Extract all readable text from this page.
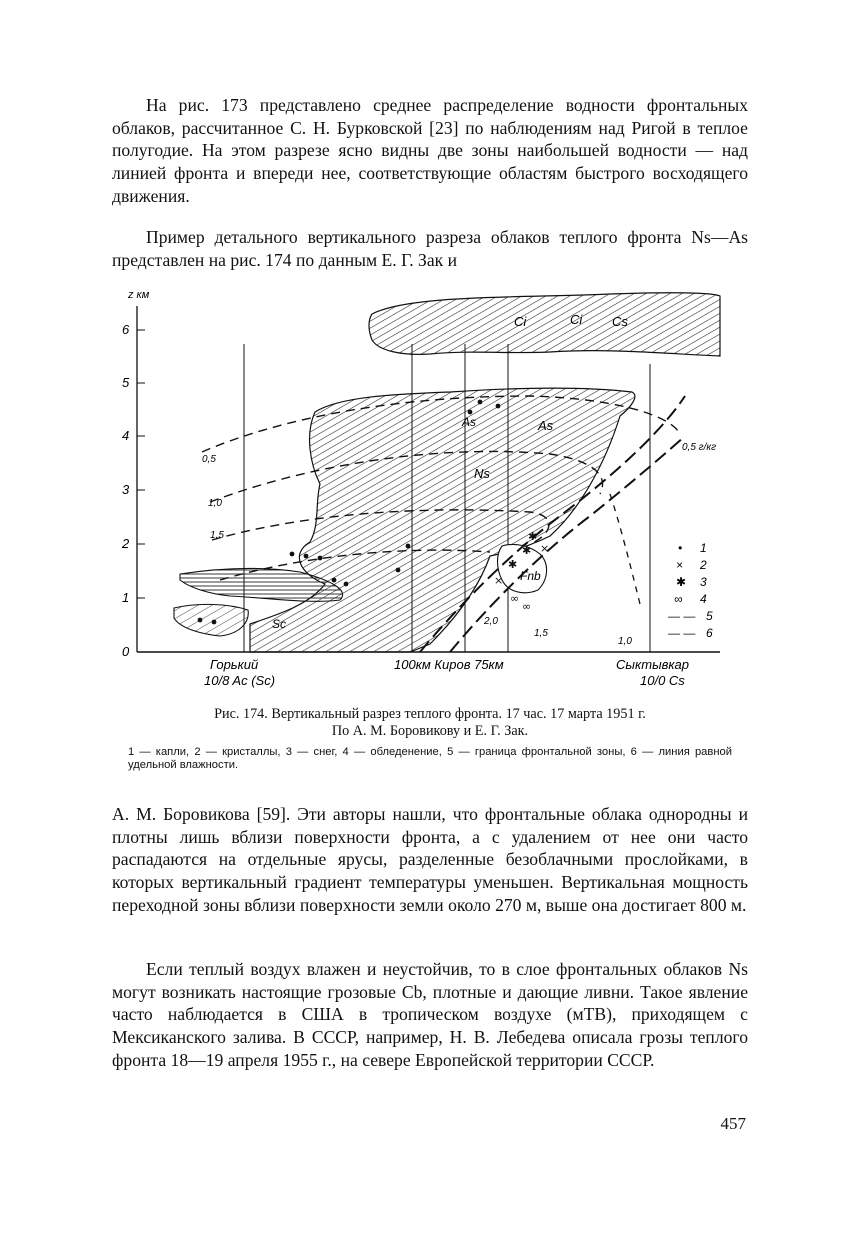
На рис. 173 представлено среднее распределение водности фронтальных облаков, рассчитанное С. Н. Бурковской [23] по наблюдениям над Ригой в теплое полугодие. На этом разрезе ясно видны две зоны наибольшей водности — над линией фронта и впереди нее, соответствующие областям быстрого восходящего движения.

Пример детального вертикального разреза облаков теплого фронта Ns—As представлен на рис. 174 по данным Е. Г. Зак и

z км
0
1
2
3
4
5
6
Ci	Ci Cs
As
Ns
As
Sc
Fnb
0,5
1,0
1,5
2,0
1,5
1,0
0,5 г/кг
✱
✱
✱
×
×
∞
∞
• 1
× 2
✱ 3
∞ 4
— — 5
— — 6
Горький
10/8 Ac (Sc)
100км Киров 75км	Сыктывкар
10/0 Cs
Рис. 174. Вертикальный разрез теплого фронта. 17 час. 17 марта 1951 г.
По А. М. Боровикову и Е. Г. Зак.
1 — капли, 2 — кристаллы, 3 — снег, 4 — обледенение, 5 — граница фронтальной зоны, 6 — линия равной удельной влажности.

А. М. Боровикова [59]. Эти авторы нашли, что фронтальные облака однородны и плотны лишь вблизи поверхности фронта, а с удалением от нее они часто распадаются на отдельные ярусы, разделенные безоблачными прослойками, в которых вертикальный градиент температуры уменьшен. Вертикальная мощность переходной зоны вблизи поверхности земли около 270 м, выше она достигает 800 м.

Если теплый воздух влажен и неустойчив, то в слое фронтальных облаков Ns могут возникать настоящие грозовые Cb, плотные и дающие ливни. Такое явление часто наблюдается в США в тропическом воздухе (мТВ), приходящем с Мексиканского залива. В СССР, например, Н. В. Лебедева описала грозы теплого фронта 18—19 апреля 1955 г., на севере Европейской территории СССР.

457
